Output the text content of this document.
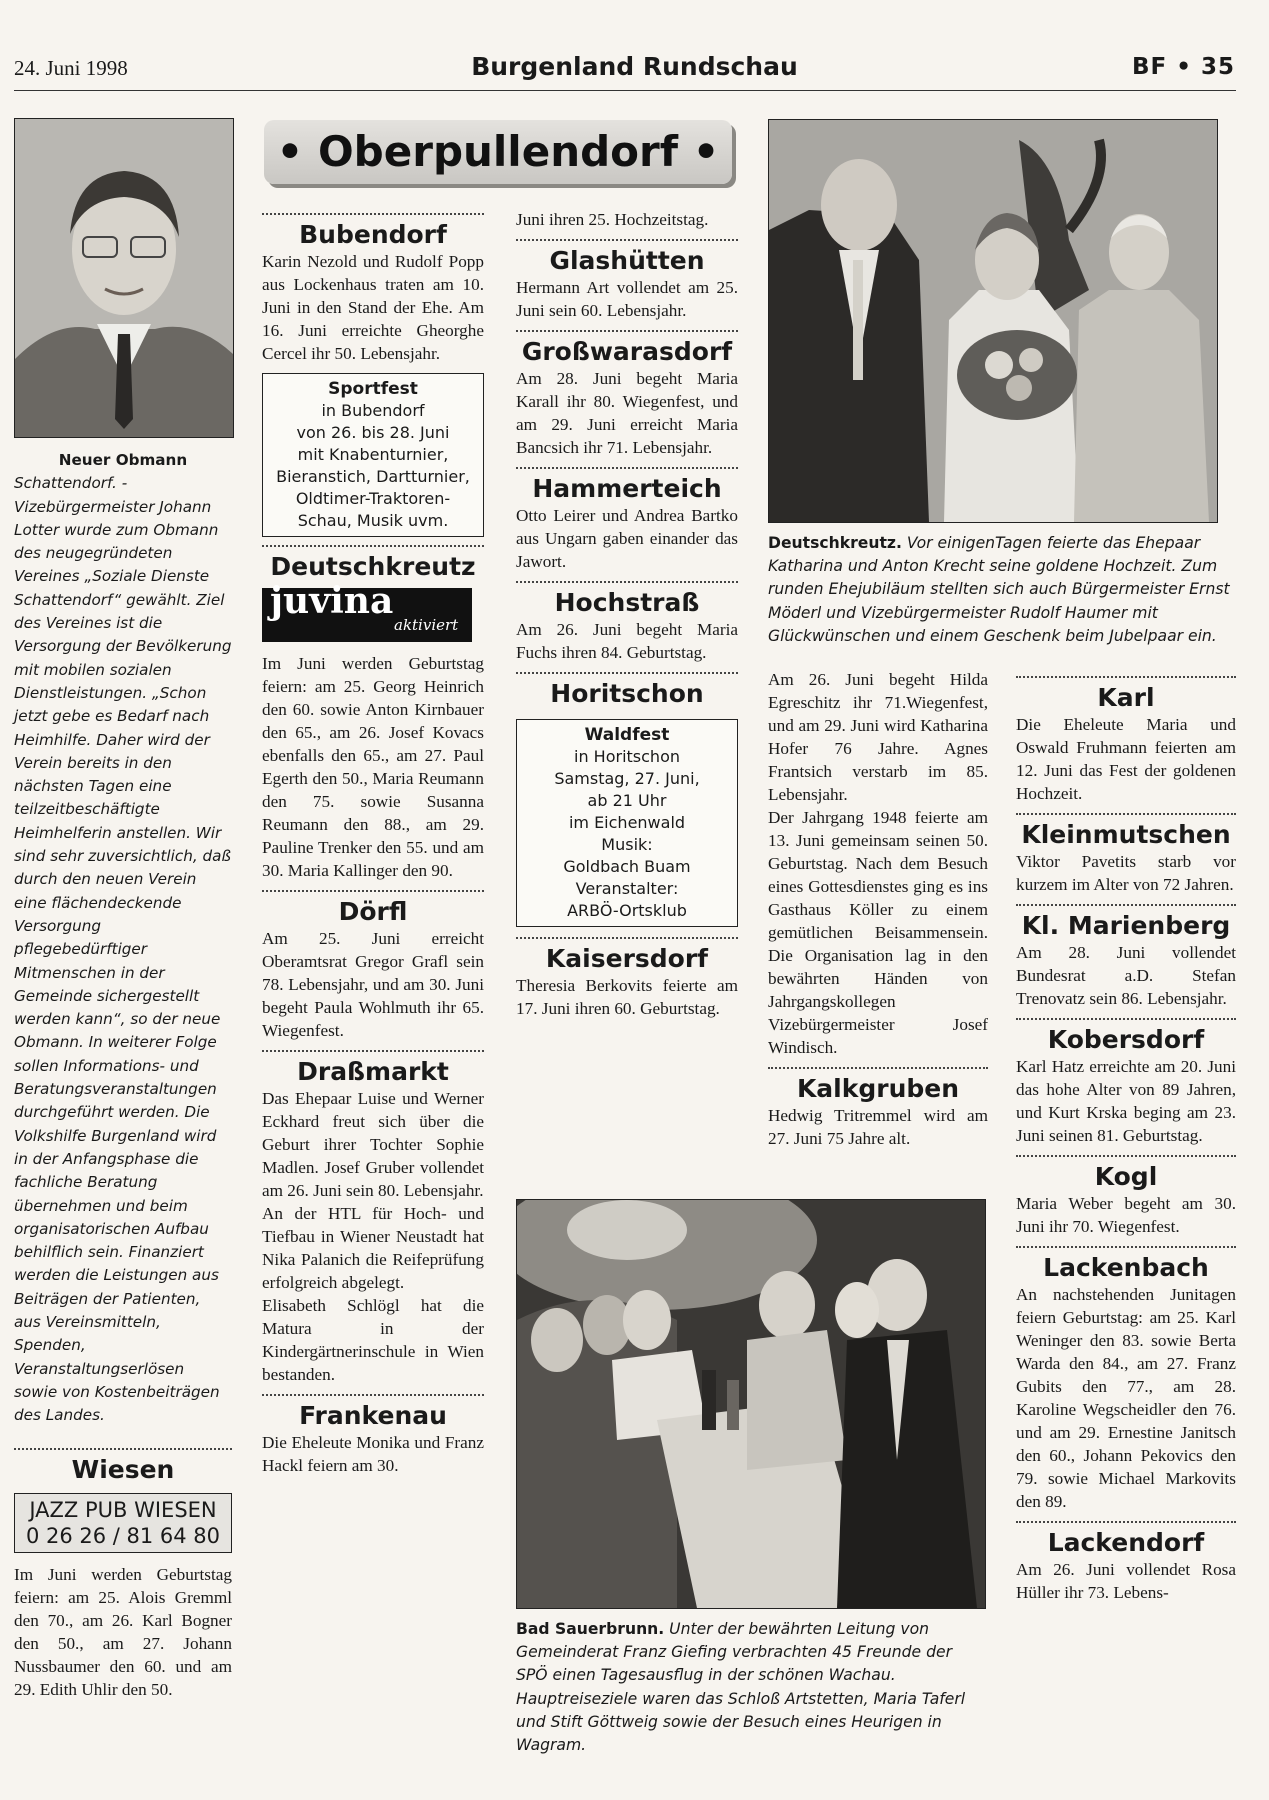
24. Juni 1998	Burgenland Rundschau	BF • 35
Neuer Obmann
Schattendorf. - Vizebürgermeister Johann Lotter wurde zum Obmann des neugegründeten Vereines „Soziale Dienste Schattendorf“ gewählt. Ziel des Vereines ist die Versorgung der Bevölkerung mit mobilen sozialen Dienstleistungen. „Schon jetzt gebe es Bedarf nach Heimhilfe. Daher wird der Verein bereits in den nächsten Tagen eine teilzeitbeschäftigte Heimhelferin anstellen. Wir sind sehr zuversichtlich, daß durch den neuen Verein eine flächendeckende Versorgung pflegebedürftiger Mitmenschen in der Gemeinde sichergestellt werden kann“, so der neue Obmann. In weiterer Folge sollen Informations- und Beratungsveranstaltungen durchgeführt werden. Die Volkshilfe Burgenland wird in der Anfangsphase die fachliche Beratung übernehmen und beim organisatorischen Aufbau behilflich sein. Finanziert werden die Leistungen aus Beiträgen der Patienten, aus Vereinsmitteln, Spenden, Veranstaltungserlösen sowie von Kostenbeiträgen des Landes.

Wiesen

JAZZ PUB WIESEN
0 26 26 / 81 64 80

Im Juni werden Geburtstag feiern: am 25. Alois Gremml den 70., am 26. Karl Bogner den 50., am 27. Johann Nussbaumer den 60. und am 29. Edith Uhlir den 50.

• Oberpullendorf •

Bubendorf

Karin Nezold und Rudolf Popp aus Lockenhaus traten am 10. Juni in den Stand der Ehe. Am 16. Juni erreichte Gheorghe Cercel ihr 50. Lebensjahr.

Sportfest
in Bubendorf
von 26. bis 28. Juni
mit Knabenturnier,
Bieranstich, Dartturnier, Oldtimer-Traktoren-Schau, Musik uvm.

Deutschkreutz

juvina
aktiviert

Im Juni werden Geburtstag feiern: am 25. Georg Heinrich den 60. sowie Anton Kirnbauer den 65., am 26. Josef Kovacs ebenfalls den 65., am 27. Paul Egerth den 50., Maria Reumann den 75. sowie Susanna Reumann den 88., am 29. Pauline Trenker den 55. und am 30. Maria Kallinger den 90.

Dörfl

Am 25. Juni erreicht Oberamtsrat Gregor Grafl sein 78. Lebensjahr, und am 30. Juni begeht Paula Wohlmuth ihr 65. Wiegenfest.

Draßmarkt

Das Ehepaar Luise und Werner Eckhard freut sich über die Geburt ihrer Tochter Sophie Madlen. Josef Gruber vollendet am 26. Juni sein 80. Lebensjahr.

An der HTL für Hoch- und Tiefbau in Wiener Neustadt hat Nika Palanich die Reifeprüfung erfolgreich abgelegt.

Elisabeth Schlögl hat die Matura in der Kindergärtnerinschule in Wien bestanden.

Frankenau

Die Eheleute Monika und Franz Hackl feiern am 30.

Juni ihren 25. Hochzeitstag.

Glashütten

Hermann Art vollendet am 25. Juni sein 60. Lebensjahr.

Großwarasdorf

Am 28. Juni begeht Maria Karall ihr 80. Wiegenfest, und am 29. Juni erreicht Maria Bancsich ihr 71. Lebensjahr.

Hammerteich

Otto Leirer und Andrea Bartko aus Ungarn gaben einander das Jawort.

Hochstraß

Am 26. Juni begeht Maria Fuchs ihren 84. Geburtstag.

Horitschon

Waldfest
in Horitschon
Samstag, 27. Juni,
ab 21 Uhr
im Eichenwald
Musik:
Goldbach Buam
Veranstalter:
ARBÖ-Ortsklub

Kaisersdorf

Theresia Berkovits feierte am 17. Juni ihren 60. Geburtstag.

Deutschkreutz. Vor einigenTagen feierte das Ehepaar Katharina und Anton Krecht seine goldene Hochzeit. Zum runden Ehejubiläum stellten sich auch Bürgermeister Ernst Möderl und Vizebürgermeister Rudolf Haumer mit Glückwünschen und einem Geschenk beim Jubelpaar ein.

Am 26. Juni begeht Hilda Egreschitz ihr 71.Wiegenfest, und am 29. Juni wird Katharina Hofer 76 Jahre. Agnes Frantsich verstarb im 85. Lebensjahr.

Der Jahrgang 1948 feierte am 13. Juni gemeinsam seinen 50. Geburtstag. Nach dem Besuch eines Gottesdienstes ging es ins Gasthaus Köller zu einem gemütlichen Beisammensein. Die Organisation lag in den bewährten Händen von Jahrgangskollegen Vizebürgermeister Josef Windisch.

Kalkgruben

Hedwig Tritremmel wird am 27. Juni 75 Jahre alt.

Karl

Die Eheleute Maria und Oswald Fruhmann feierten am 12. Juni das Fest der goldenen Hochzeit.

Kleinmutschen

Viktor Pavetits starb vor kurzem im Alter von 72 Jahren.

Kl. Marienberg

Am 28. Juni vollendet Bundesrat a.D. Stefan Trenovatz sein 86. Lebensjahr.

Kobersdorf

Karl Hatz erreichte am 20. Juni das hohe Alter von 89 Jahren, und Kurt Krska beging am 23. Juni seinen 81. Geburtstag.

Kogl

Maria Weber begeht am 30. Juni ihr 70. Wiegenfest.

Lackenbach

An nachstehenden Junitagen feiern Geburtstag: am 25. Karl Weninger den 83. sowie Berta Warda den 84., am 27. Franz Gubits den 77., am 28. Karoline Wegscheidler den 76. und am 29. Ernestine Janitsch den 60., Johann Pekovics den 79. sowie Michael Markovits den 89.

Lackendorf

Am 26. Juni vollendet Rosa Hüller ihr 73. Lebens-

Bad Sauerbrunn. Unter der bewährten Leitung von Gemeinderat Franz Giefing verbrachten 45 Freunde der SPÖ einen Tagesausflug in der schönen Wachau. Hauptreiseziele waren das Schloß Artstetten, Maria Taferl und Stift Göttweig sowie der Besuch eines Heurigen in Wagram.
